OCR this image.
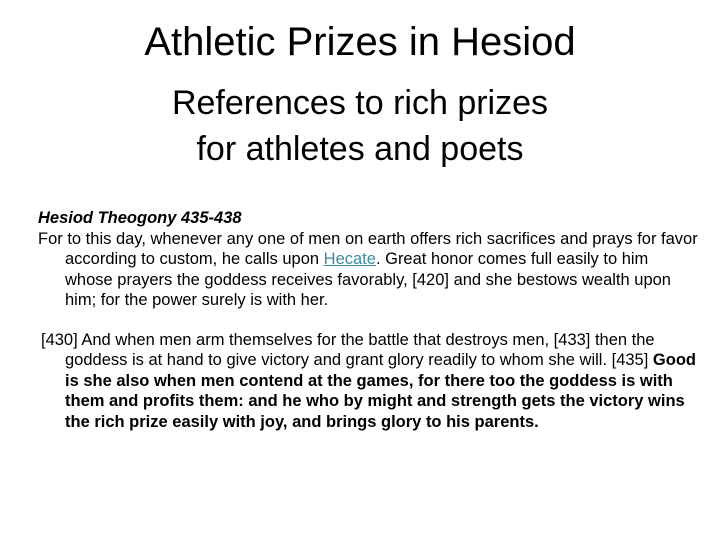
Athletic Prizes in Hesiod
References to rich prizes
for athletes and poets
Hesiod Theogony 435-438

For to this day, whenever any one of men on earth offers rich sacrifices and prays for favor according to custom, he calls upon Hecate. Great honor comes full easily to him whose prayers the goddess receives favorably, [420] and she bestows wealth upon him; for the power surely is with her.

[430] And when men arm themselves for the battle that destroys men, [433] then the goddess is at hand to give victory and grant glory readily to whom she will. [435] Good is she also when men contend at the games, for there too the goddess is with them and profits them: and he who by might and strength gets the victory wins the rich prize easily with joy, and brings glory to his parents.
